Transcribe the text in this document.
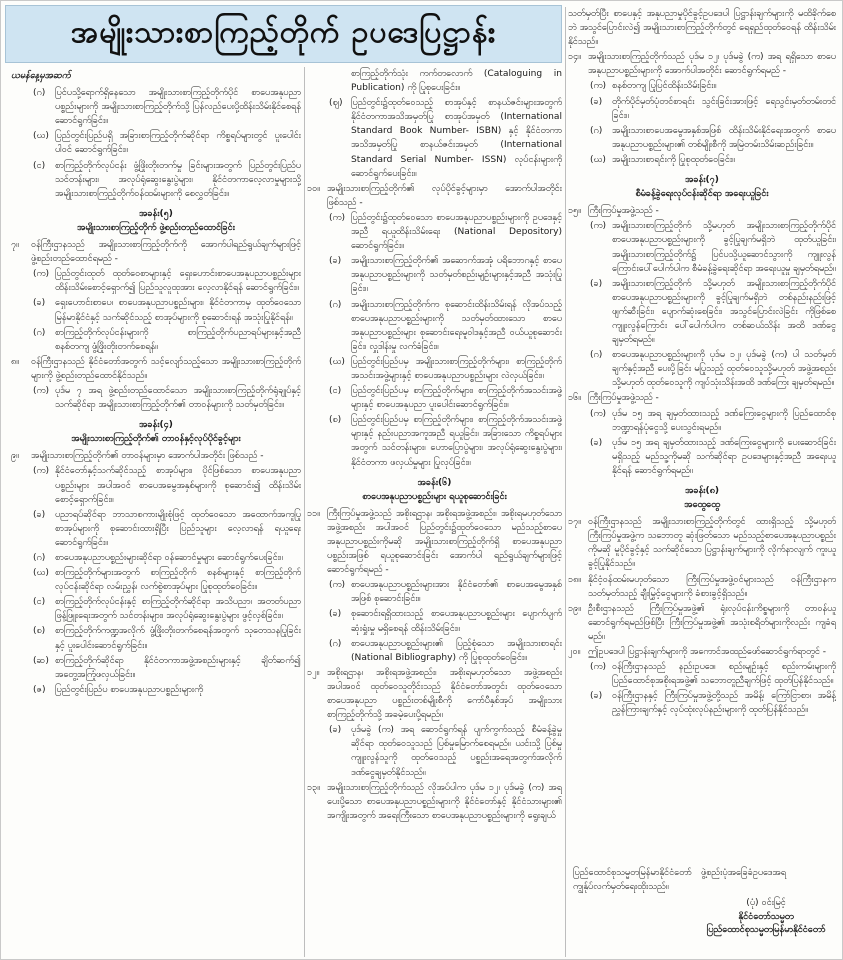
အမျိုးသားစာကြည့်တိုက် ဥပဒေပြဋ္ဌာန်း
ယမန်နေ့မှအဆက်
(ဂ)	ပြင်ပသို့ရောက်ရှိနေသော အမျိုးသားစာကြည့်တိုက်ပိုင် စာပေအနုပညာပစ္စည်းများကို အမျိုးသားစာကြည့်တိုက်သို့ ပြန်လည်ပေးပို့ထိန်းသိမ်းနိုင်စေရန် ဆောင်ရွက်ခြင်း။
(ဃ) ပြည်တွင်းပြည်ပရှိ အခြားစာကြည့်တိုက်ဆိုင်ရာ ကိစ္စရပ်များတွင် ပူးပေါင်းပါဝင် ဆောင်ရွက်ခြင်း။
(င)	စာကြည့်တိုက်လုပ်ငန်း ဖွံ့ဖြိုးတိုးတက်မှု ခြင်းများအတွက် ပြည်တွင်းပြည်ပသင်တန်းများ၊ အလုပ်ရုံဆွေးနွေးပွဲများ၊ နိုင်ငံတကာလေ့လာမှုများသို့ အမျိုးသားစာကြည့်တိုက်ဝန်ထမ်းများကို စေလွှတ်ခြင်း။
အခန်း(၅)
အမျိုးသားစာကြည့်တိုက် ဖွဲ့စည်းတည်ထောင်ခြင်း
၇။	ဝန်ကြီးဌာနသည် အမျိုးသားစာကြည့်တိုက်ကို အောက်ပါရည်ရွယ်ချက်များဖြင့် ဖွဲ့စည်းတည်ထောင်ရမည် -
(က) ပြည်တွင်းထုတ် ထုတ်ဝေစာများနှင့် ရှေးဟောင်းစာပေအနုပညာပစ္စည်းများ ထိန်းသိမ်းစောင့်ရှောက်၍ ပြည်သူလူထုအား လေ့လာနိုင်ရန် ဆောင်ရွက်ခြင်း။
(ခ)	ရှေးဟောင်းစာပေ၊ စာပေအနုပညာပစ္စည်းများ၊ နိုင်ငံတကာမှ ထုတ်ဝေသော မြန်မာနိုင်ငံနှင့် သက်ဆိုင်သည့် စာအုပ်များကို စုဆောင်းရန် အသုံးပြုနိုင်ရန်။
(ဂ)	စာကြည့်တိုက်လုပ်ငန်းများကို စာကြည့်တိုက်ပညာရပ်များနှင့်အညီ စနစ်တကျ ဖွံ့ဖြိုးတိုးတက်စေရန်။
၈။	ဝန်ကြီးဌာနသည် နိုင်ငံတော်အတွက် သင့်လျော်သည့်သော အမျိုးသားစာကြည့်တိုက်များကို ဖွဲ့စည်းတည်ထောင်နိုင်သည်။
(က) ပုဒ်မ ၇ အရ ဖွဲ့စည်းတည်ထောင်သော အမျိုးသားစာကြည့်တိုက်ရုံချုပ်နှင့် သက်ဆိုင်ရာ အမျိုးသားစာကြည့်တိုက်၏ တာဝန်များကို သတ်မှတ်ခြင်း။
အခန်း(၄)
အမျိုးသားစာကြည့်တိုက်၏ တာဝန်နှင့်လုပ်ပိုင်ခွင့်များ
၉။	အမျိုးသားစာကြည့်တိုက်၏ တာဝန်များမှာ အောက်ပါအတိုင်း ဖြစ်သည် -
(က) နိုင်ငံတော်နှင့်သက်ဆိုင်သည့် စာအုပ်များ၊ ပိုင်ဖြစ်သော စာပေအနုပညာပစ္စည်းများ အပါအဝင် စာပေအမွေအနှစ်များကို စုဆောင်း၍ ထိန်းသိမ်းစောင့်ရှောက်ခြင်း။
(ခ)	ပညာရပ်ဆိုင်ရာ ဘာသာစကားမျိုးစုံဖြင့် ထုတ်ဝေသော အထောက်အကူပြုစာအုပ်များကို စုဆောင်းထားရှိပြီး ပြည်သူများ လေ့လာရန် ရယူရေးဆောင်ရွက်ခြင်း။
(ဂ)	စာပေအနုပညာပစ္စည်းများဆိုင်ရာ ဝန်ဆောင်မှုများ ဆောင်ရွက်ပေးခြင်း။
(ဃ) စာကြည့်တိုက်များအတွက် စာကြည့်တိုက် စနစ်များနှင့် စာကြည့်တိုက်လုပ်ငန်းဆိုင်ရာ လမ်းညွှန်၊ လက်စွဲစာအုပ်များ ပြုစုထုတ်ဝေခြင်း။
(င)	စာကြည့်တိုက်လုပ်ငန်းနှင့် စာကြည့်တိုက်ဆိုင်ရာ အသိပညာ၊ အတတ်ပညာ ဖြန့်ဖြူးရေးအတွက် သင်တန်းများ၊ အလုပ်ရုံဆွေးနွေးပွဲများ ဖွင့်လှစ်ခြင်း။
(စ)	စာကြည့်တိုက်ကဏ္ဍအလိုက် ဖွံ့ဖြိုးတိုးတက်စေရန်အတွက် သုတေသနပြုခြင်းနှင့် ပူးပေါင်းဆောင်ရွက်ခြင်း။
(ဆ) စာကြည့်တိုက်ဆိုင်ရာ နိုင်ငံတကာအဖွဲ့အစည်းများနှင့် ချိတ်ဆက်၍ အတွေ့အကြုံဖလှယ်ခြင်း။
(ဇ)	ပြည်တွင်းပြည်ပ စာပေအနုပညာပစ္စည်းများကို
စာကြည့်တိုက်သုံး ကက်တလောက် (Cataloguing in Publication) ကို ပြုစုပေးခြင်း။
(ဈ) ပြည်တွင်း၌ထုတ်ဝေသည့် စာအုပ်နှင့် စာနယ်ဇင်းများအတွက် နိုင်ငံတကာအသိအမှတ်ပြု စာအုပ်အမှတ် (International Standard Book Number- ISBN) နှင့် နိုင်ငံတကာအသိအမှတ်ပြု စာနယ်ဇင်းအမှတ် (International Standard Serial Number- ISSN) လုပ်ငန်းများကို ဆောင်ရွက်ပေးခြင်း။
၁၀။ အမျိုးသားစာကြည့်တိုက်၏ လုပ်ပိုင်ခွင့်များမှာ အောက်ပါအတိုင်း ဖြစ်သည် -
(က) ပြည်တွင်း၌ထုတ်ဝေသော စာပေအနုပညာပစ္စည်းများကို ဥပဒေနှင့်အညီ ရယူထိန်းသိမ်းရေး (National Depository) ဆောင်ရွက်ခြင်း။
(ခ)	အမျိုးသားစာကြည့်တိုက်၏ အဆောက်အအုံ ပရိဘောဂနှင့် စာပေအနုပညာပစ္စည်းများကို သတ်မှတ်စည်းမျဉ်းများနှင့်အညီ အသုံးပြုခြင်း။
(ဂ)	အမျိုးသားစာကြည့်တိုက်က စုဆောင်းထိန်းသိမ်းရန် လိုအပ်သည့် စာပေအနုပညာပစ္စည်းများကို သတ်မှတ်ထားသော စာပေအနုပညာပစ္စည်းများ စုဆောင်းရေးမူဝါဒနှင့်အညီ ဝယ်ယူစုဆောင်းခြင်း၊ လှူဒါန်းမှု လက်ခံခြင်း။
(ဃ) ပြည်တွင်းပြည်ပမှ အမျိုးသားစာကြည့်တိုက်များ၊ စာကြည့်တိုက်အသင်းအဖွဲ့များနှင့် စာပေအနုပညာပစ္စည်းများ လဲလှယ်ခြင်း။
(င)	ပြည်တွင်းပြည်ပမှ စာကြည့်တိုက်များ၊ စာကြည့်တိုက်အသင်းအဖွဲ့များနှင့် စာပေအနုပညာ ပူးပေါင်းဆောင်ရွက်ခြင်း။
(စ)	ပြည်တွင်းပြည်ပမှ စာကြည့်တိုက်များ၊ စာကြည့်တိုက်အသင်းအဖွဲ့များနှင့် နည်းပညာအကူအညီ ရယူခြင်း၊ အခြားသော ကိစ္စရပ်များအတွက် သင်တန်းများ၊ ဟောပြောပွဲများ၊ အလုပ်ရုံဆွေးနွေးပွဲများ၊ နိုင်ငံတကာ ဖလှယ်မှုများ ပြုလုပ်ခြင်း။
အခန်း(၆)
စာပေအနုပညာပစ္စည်းများ ရယူစုဆောင်းခြင်း
၁၁။ ကြီးကြပ်မှုအဖွဲ့သည် အစိုးရဌာန၊ အစိုးရအဖွဲ့အစည်း၊ အစိုးရမဟုတ်သော အဖွဲ့အစည်း အပါအဝင် ပြည်တွင်း၌ထုတ်ဝေသော မည်သည့်စာပေအနုပညာပစ္စည်းကိုမဆို အမျိုးသားစာကြည့်တိုက်ရှိ စာပေအနုပညာပစ္စည်းအဖြစ် ရယူစုဆောင်းခြင်း အောက်ပါ ရည်ရွယ်ချက်များဖြင့် ဆောင်ရွက်ရမည် -
(က) စာပေအနုပညာပစ္စည်းများအား နိုင်ငံတော်၏ စာပေအမွေအနှစ်အဖြစ် စုဆောင်းခြင်း။
(ခ)	စုဆောင်းရရှိထားသည့် စာပေအနုပညာပစ္စည်းများ ပျောက်ပျက်ဆုံးရှုံးမှု မရှိစေရန် ထိန်းသိမ်းခြင်း။
(ဂ)	စာပေအနုပညာပစ္စည်းများ၏ ပြည့်စုံသော အမျိုးသားစာရင်း (National Bibliography) ကို ပြုစုထုတ်ဝေခြင်း။
၁၂။ အစိုးရဌာန၊ အစိုးရအဖွဲ့အစည်း၊ အစိုးရမဟုတ်သော အဖွဲ့အစည်း အပါအဝင် ထုတ်ဝေသူတိုင်းသည် နိုင်ငံတော်အတွင်း ထုတ်ဝေသော စာပေအနုပညာ ပစ္စည်းတစ်မျိုးစီကို ကော်ပီနှစ်အုပ် အမျိုးသားစာကြည့်တိုက်သို့ အခမဲ့ပေးပို့ရမည်။
(ခ)	ပုဒ်မခွဲ (က) အရ ဆောင်ရွက်ရန် ပျက်ကွက်သည့် စီမံခန့်ခွဲမှုဆိုင်ရာ ထုတ်ဝေသူသည် ပြစ်မှုမြောက်စေရမည်။ ယင်းသို့ ပြစ်မှုကျူးလွန်သူကို ထုတ်ဝေသည့် ပစ္စည်းအရေအတွက်အလိုက် ဒဏ်ငွေချမှတ်နိုင်သည်။
၁၃။ အမျိုးသားစာကြည့်တိုက်သည် လိုအပ်ပါက ပုဒ်မ ၁၂၊ ပုဒ်မခွဲ (က) အရ ပေးပို့သော စာပေအနုပညာပစ္စည်းများကို နိုင်ငံတော်နှင့် နိုင်ငံသားများ၏ အကျိုးအတွက် အရေးကြီးသော စာပေအနုပညာပစ္စည်းများကို ရွေးချယ်
သတ်မှတ်ပြီး စာပေနှင့် အနုပညာမှုပိုင်ခွင့်ဥပဒေပါ ပြဋ္ဌာန်းချက်များကို မထိခိုက်စေဘဲ အသွင်ပြောင်းလဲ၍ အမျိုးသားစာကြည့်တိုက်တွင် ရေရှည်ထုတ်ဝေရန် ထိန်းသိမ်းနိုင်သည်။
၁၄။ အမျိုးသားစာကြည့်တိုက်သည် ပုဒ်မ ၁၂၊ ပုဒ်မခွဲ (က) အရ ရရှိသော စာပေအနုပညာပစ္စည်းများကို အောက်ပါအတိုင်း ဆောင်ရွက်ရမည် -
(က) စနစ်တကျ ပြုပြင်ထိန်းသိမ်းခြင်း။
(ခ)	တိုက်ပိုင်မှတ်ပုံတင်စာရင်း သွင်းခြင်းအားဖြင့် ရေသွင်းမှတ်တမ်းတင်ခြင်း။
(ဂ)	အမျိုးသားစာပေအမွေအနှစ်အဖြစ် ထိန်းသိမ်းနိုင်ရေးအတွက် စာပေအနုပညာပစ္စည်းများ၏ တစ်မျိုးစီကို အမြဲတမ်းသိမ်းဆည်းခြင်း။
(ဃ) အမျိုးသားစာရင်းကို ပြုစုထုတ်ဝေခြင်း။
အခန်း(၇)
စီမံခန့်ခွဲရေးလုပ်ငန်းဆိုင်ရာ အရေးယူခြင်း
၁၅။ ကြီးကြပ်မှုအဖွဲ့သည် -
(က) အမျိုးသားစာကြည့်တိုက် သို့မဟုတ် အမျိုးသားစာကြည့်တိုက်ပိုင် စာပေအနုပညာပစ္စည်းများကို ခွင့်ပြုချက်မရှိဘဲ ထုတ်ယူခြင်း၊ အမျိုးသားစာကြည့်တိုက်၌ ပြင်ပသို့ယူဆောင်သွားကို ကျူးလွန်ကြောင်းပေါ်ပေါက်ပါက စီမံခန့်ခွဲရေးဆိုင်ရာ အရေးယူမှု ချမှတ်ရမည်။
(ခ)	အမျိုးသားစာကြည့်တိုက် သို့မဟုတ် အမျိုးသားစာကြည့်တိုက်ပိုင် စာပေအနုပညာပစ္စည်းများကို ခွင့်ပြုချက်မရှိဘဲ တစ်နည်းနည်းဖြင့် ဖျက်ဆီးခြင်း၊ ပျောက်ဆုံးစေခြင်း၊ အသွင်ပြောင်းလဲခြင်း ကိုဖြစ်စေ ကျူးလွန်ကြောင်း ပေါ်ပေါက်ပါက တစ်ဆယ်သိန်း အထိ ဒဏ်ငွေချမှတ်ရမည်။
(ဂ)	စာပေအနုပညာပစ္စည်းများကို ပုဒ်မ ၁၂၊ ပုဒ်မခွဲ (က) ပါ သတ်မှတ်ချက်နှင့်အညီ ပေးပို့ခြင်း မပြုသည့် ထုတ်ဝေသူသို့မဟုတ် အဖွဲ့အစည်း သို့မဟုတ် ထုတ်ဝေသူကို ကျပ်သုံးသိန်းအထိ ဒဏ်ကြေး ချမှတ်ရမည်။
၁၆။ ကြီးကြပ်မှုအဖွဲ့သည် -
(က) ပုဒ်မ ၁၅ အရ ချမှတ်ထားသည့် ဒဏ်ကြေးငွေများကို ပြည်ထောင်စုဘဏ္ဍာရန်ပုံငွေသို့ ပေးသွင်းရမည်။
(ခ)	ပုဒ်မ ၁၅ အရ ချမှတ်ထားသည့် ဒဏ်ကြေးငွေများကို ပေးဆောင်ခြင်း မရှိသည့် မည်သူ့ကိုမဆို သက်ဆိုင်ရာ ဥပဒေများနှင့်အညီ အရေးယူနိုင်ရန် ဆောင်ရွက်ရမည်။
အခန်း(၈)
အထွေထွေ
၁၇။ ဝန်ကြီးဌာနသည် အမျိုးသားစာကြည့်တိုက်တွင် ထားရှိသည့် သို့မဟုတ် ကြီးကြပ်မှုအဖွဲ့က သဘောတူ ဆုံးဖြတ်သော မည်သည့်စာပေအနုပညာပစ္စည်းကိုမဆို မူပိုင်ခွင့်နှင့် သက်ဆိုင်သော ပြဋ္ဌာန်းချက်များကို လိုက်နာလျက် ကူးယူခွင့်ပြုနိုင်သည်။
၁၈။ နိုင်ငံ့ဝန်ထမ်းမဟုတ်သော ကြီးကြပ်မှုအဖွဲ့ဝင်များသည် ဝန်ကြီးဌာနက သတ်မှတ်သည့် ချီးမြှင့်ငွေများကို ခံစားခွင့်ရှိသည်။
၁၉။ ဦးစီးဌာနသည် ကြီးကြပ်မှုအဖွဲ့၏ ရုံးလုပ်ငန်းကိစ္စများကို တာဝန်ယူ ဆောင်ရွက်ရမည်ဖြစ်ပြီး ကြီးကြပ်မှုအဖွဲ့၏ အသုံးစရိတ်များကိုလည်း ကျခံရမည်။
၂၀။ ဤဥပဒေပါ ပြဋ္ဌာန်းချက်များကို အကောင်အထည်ဖော်ဆောင်ရွက်ရာတွင် -
(က) ဝန်ကြီးဌာနသည် နည်းဥပဒေ၊ စည်းမျဉ်းနှင့် စည်းကမ်းများကို ပြည်ထောင်စုအစိုးရအဖွဲ့၏ သဘောတူညီချက်ဖြင့် ထုတ်ပြန်နိုင်သည်။
(ခ)	ဝန်ကြီးဌာနနှင့် ကြီးကြပ်မှုအဖွဲ့တို့သည် အမိန့်၊ ကြော်ငြာစာ၊ အမိန့်ညွှန်ကြားချက်နှင့် လုပ်ထုံးလုပ်နည်းများကို ထုတ်ပြန်နိုင်သည်။
ပြည်ထောင်စုသမ္မတမြန်မာနိုင်ငံတော် ကျွန်ုပ်လက်မှတ်ရေးထိုးသည်။
ဖွဲ့စည်းပုံအခြေခံဥပဒေအရ
(ပုံ) ဝင်းမြင့်
နိုင်ငံတော်သမ္မတ
ပြည်ထောင်စုသမ္မတမြန်မာနိုင်ငံတော်
